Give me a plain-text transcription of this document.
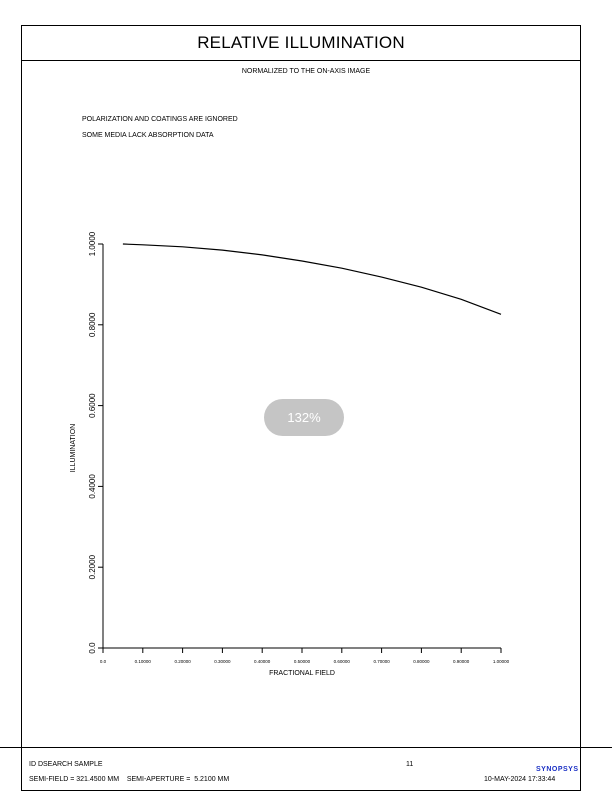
RELATIVE ILLUMINATION
NORMALIZED TO THE ON-AXIS IMAGE
POLARIZATION AND COATINGS ARE IGNORED
SOME MEDIA LACK ABSORPTION DATA
0.0	0.10000	0.20000	0.30000	0.40000	0.50000	0.60000	0.70000	0.80000	0.90000	1.00000
0.0
0.2000
0.4000
0.6000
0.8000
1.0000
FRACTIONAL FIELD
ILLUMINATION
ID DSEARCH SAMPLE
SEMI-FIELD = 321.4500 MM    SEMI-APERTURE =  5.2100 MM
11
SYNOPSYS
10-MAY-2024 17:33:44
132%
